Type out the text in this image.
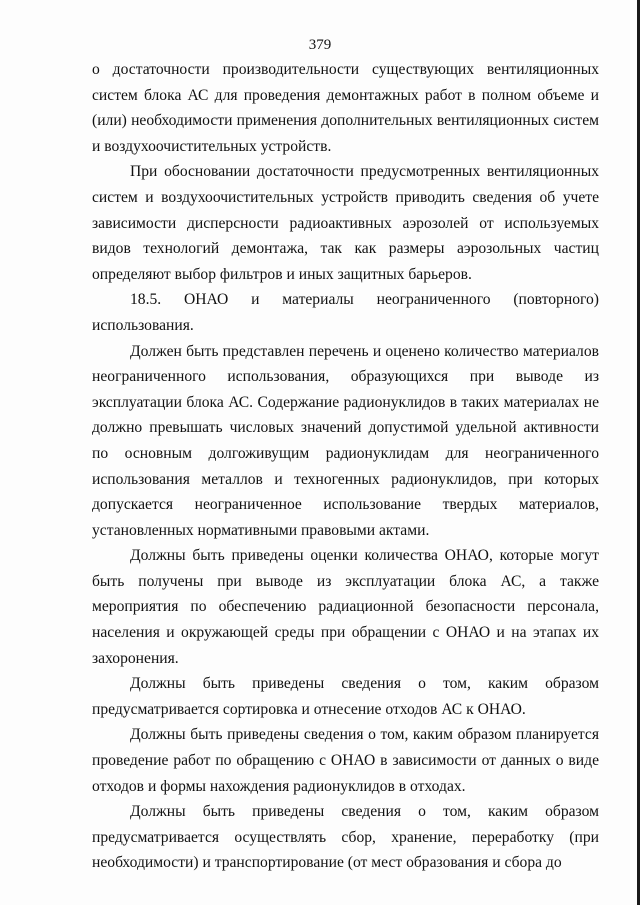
379

о достаточности производительности существующих вентиляционных систем блока АС для проведения демонтажных работ в полном объеме и (или) необходимости применения дополнительных вентиляционных систем и воздухоочистительных устройств.

При обосновании достаточности предусмотренных вентиляционных систем и воздухоочистительных устройств приводить сведения об учете зависимости дисперсности радиоактивных аэрозолей от используемых видов технологий демонтажа, так как размеры аэрозольных частиц определяют выбор фильтров и иных защитных барьеров.

18.5. ОНАО и материалы неограниченного (повторного) использования.

Должен быть представлен перечень и оценено количество материалов неограниченного использования, образующихся при выводе из эксплуатации блока АС. Содержание радионуклидов в таких материалах не должно превышать числовых значений допустимой удельной активности по основным долгоживущим радионуклидам для неограниченного использования металлов и техногенных радионуклидов, при которых допускается неограниченное использование твердых материалов, установленных нормативными правовыми актами.

Должны быть приведены оценки количества ОНАО, которые могут быть получены при выводе из эксплуатации блока АС, а также мероприятия по обеспечению радиационной безопасности персонала, населения и окружающей среды при обращении с ОНАО и на этапах их захоронения.

Должны быть приведены сведения о том, каким образом предусматривается сортировка и отнесение отходов АС к ОНАО.

Должны быть приведены сведения о том, каким образом планируется проведение работ по обращению с ОНАО в зависимости от данных о виде отходов и формы нахождения радионуклидов в отходах.

Должны быть приведены сведения о том, каким образом предусматривается осуществлять сбор, хранение, переработку (при необходимости) и транспортирование (от мест образования и сбора до
